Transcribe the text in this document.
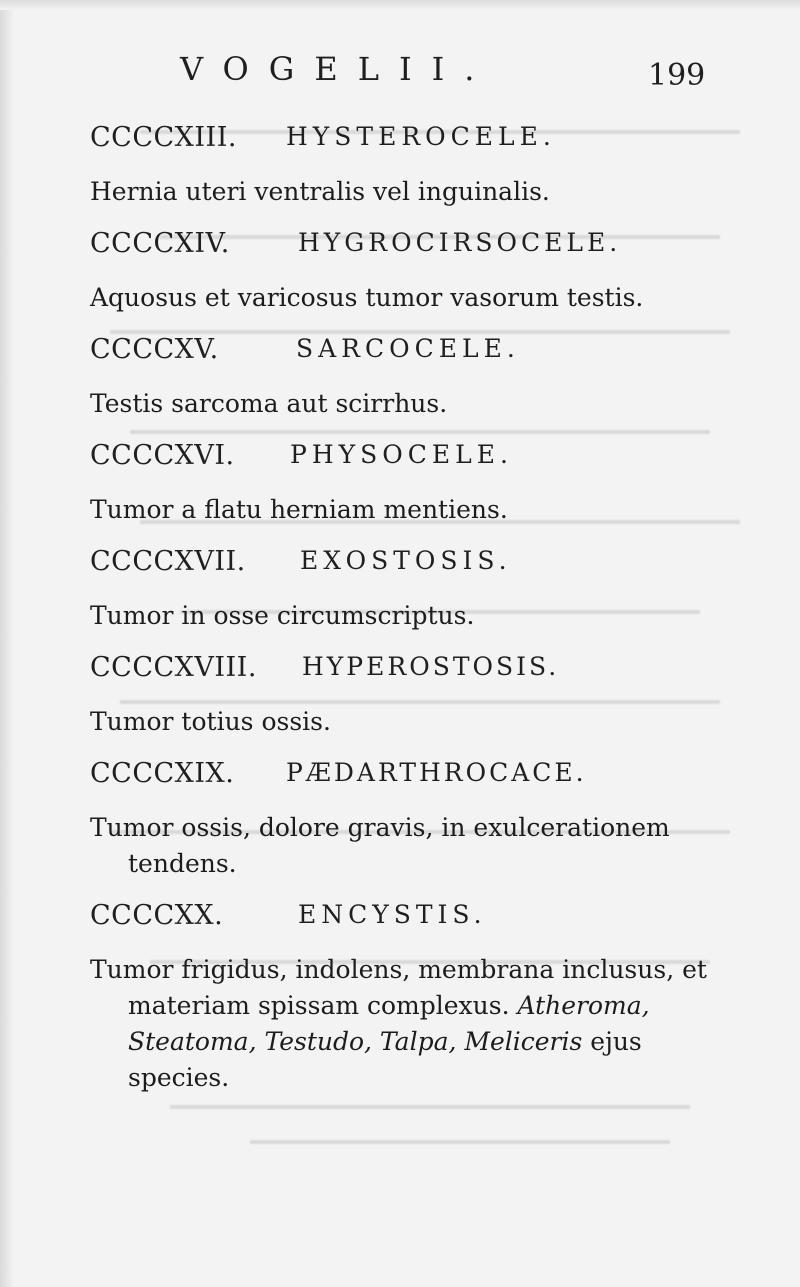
VOGELII.	199
CCCCXIII. HYSTEROCELE.
Hernia uteri ventralis vel inguinalis.
CCCCXIV.	HYGROCIRSOCELE.
Aquosus et varicosus tumor vasorum testis.
CCCCXV.	SARCOCELE.
Testis sarcoma aut scirrhus.
CCCCXVI. PHYSOCELE.
Tumor a flatu herniam mentiens.
CCCCXVII. EXOSTOSIS.
Tumor in osse circumscriptus.
CCCCXVIII. HYPEROSTOSIS.
Tumor totius ossis.
CCCCXIX. PÆDARTHROCACE.
Tumor ossis, dolore gravis, in exulcerationem tendens.
CCCCXX.	ENCYSTIS.
Tumor frigidus, indolens, membrana inclusus, et materiam spissam complexus. Atheroma, Steatoma, Testudo, Talpa, Meliceris ejus species.
